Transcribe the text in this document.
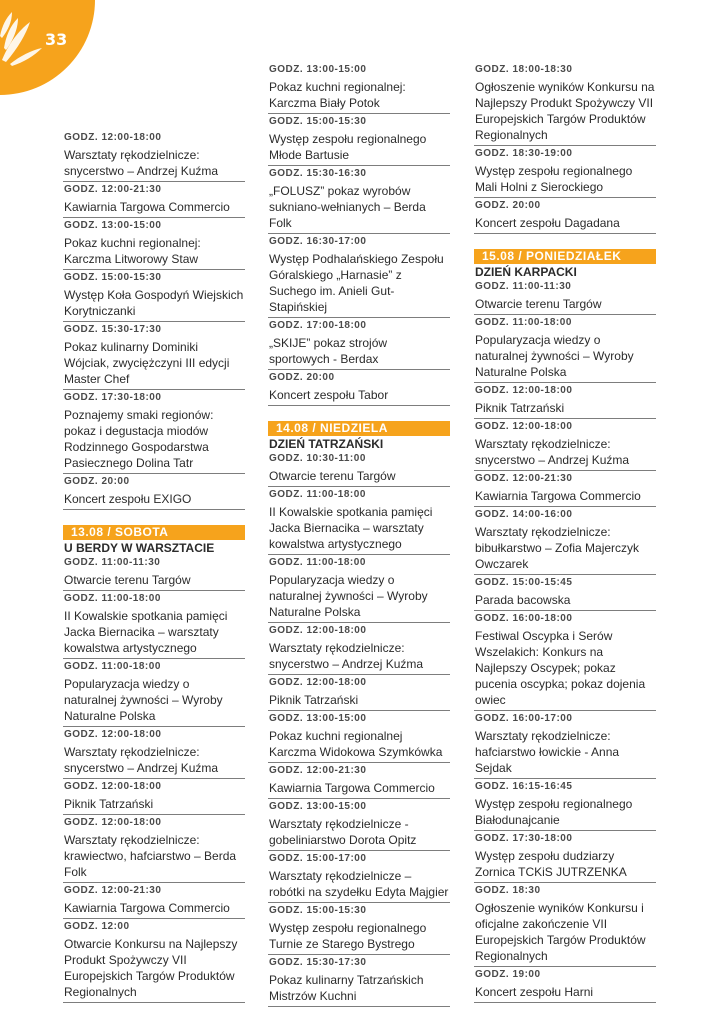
33
GODZ. 12:00-18:00
Warsztaty rękodzielnicze: snycerstwo – Andrzej Kuźma
GODZ. 12:00-21:30
Kawiarnia Targowa Commercio
GODZ. 13:00-15:00
Pokaz kuchni regionalnej: Karczma Litworowy Staw
GODZ. 15:00-15:30
Występ Koła Gospodyń Wiejskich Korytniczanki
GODZ. 15:30-17:30
Pokaz kulinarny Dominiki Wójciak, zwyciężczyni III edycji Master Chef
GODZ. 17:30-18:00
Poznajemy smaki regionów: pokaz i degustacja miodów Rodzinnego Gospodarstwa Pasiecznego Dolina Tatr
GODZ. 20:00
Koncert zespołu EXIGO
13.08 / SOBOTA
U BERDY W WARSZTACIE
GODZ. 11:00-11:30
Otwarcie terenu Targów
GODZ. 11:00-18:00
II Kowalskie spotkania pamięci Jacka Biernacika – warsztaty kowalstwa artystycznego
GODZ. 11:00-18:00
Popularyzacja wiedzy o naturalnej żywności – Wyroby Naturalne Polska
GODZ. 12:00-18:00
Warsztaty rękodzielnicze: snycerstwo – Andrzej Kuźma
GODZ. 12:00-18:00
Piknik Tatrzański
GODZ. 12:00-18:00
Warsztaty rękodzielnicze: krawiectwo, hafciarstwo – Berda Folk
GODZ. 12:00-21:30
Kawiarnia Targowa Commercio
GODZ. 12:00
Otwarcie Konkursu na Najlepszy Produkt Spożywczy VII Europejskich Targów Produktów Regionalnych
GODZ. 13:00-15:00
Pokaz kuchni regionalnej: Karczma Biały Potok
GODZ. 15:00-15:30
Występ zespołu regionalnego Młode Bartusie
GODZ. 15:30-16:30
„FOLUSZ” pokaz wyrobów sukniano-wełnianych – Berda Folk
GODZ. 16:30-17:00
Występ Podhalańskiego Zespołu Góralskiego „Harnasie” z Suchego im. Anieli Gut-Stapińskiej
GODZ. 17:00-18:00
„SKIJE” pokaz strojów sportowych - Berdax
GODZ. 20:00
Koncert zespołu Tabor
14.08 / NIEDZIELA
DZIEŃ TATRZAŃSKI
GODZ. 10:30-11:00
Otwarcie terenu Targów
GODZ. 11:00-18:00
II Kowalskie spotkania pamięci Jacka Biernacika – warsztaty kowalstwa artystycznego
GODZ. 11:00-18:00
Popularyzacja wiedzy o naturalnej żywności – Wyroby Naturalne Polska
GODZ. 12:00-18:00
Warsztaty rękodzielnicze: snycerstwo – Andrzej Kuźma
GODZ. 12:00-18:00
Piknik Tatrzański
GODZ. 13:00-15:00
Pokaz kuchni regionalnej Karczma Widokowa Szymkówka
GODZ. 12:00-21:30
Kawiarnia Targowa Commercio
GODZ. 13:00-15:00
Warsztaty rękodzielnicze - gobeliniarstwo Dorota Opitz
GODZ. 15:00-17:00
Warsztaty rękodzielnicze – robótki na szydełku Edyta Majgier
GODZ. 15:00-15:30
Występ zespołu regionalnego Turnie ze Starego Bystrego
GODZ. 15:30-17:30
Pokaz kulinarny Tatrzańskich Mistrzów Kuchni
GODZ. 18:00-18:30
Ogłoszenie wyników Konkursu na Najlepszy Produkt Spożywczy VII Europejskich Targów Produktów Regionalnych
GODZ. 18:30-19:00
Występ zespołu regionalnego Mali Holni z Sierockiego
GODZ. 20:00
Koncert zespołu Dagadana
15.08 / PONIEDZIAŁEK
DZIEŃ KARPACKI
GODZ. 11:00-11:30
Otwarcie terenu Targów
GODZ. 11:00-18:00
Popularyzacja wiedzy o naturalnej żywności – Wyroby Naturalne Polska
GODZ. 12:00-18:00
Piknik Tatrzański
GODZ. 12:00-18:00
Warsztaty rękodzielnicze: snycerstwo – Andrzej Kuźma
GODZ. 12:00-21:30
Kawiarnia Targowa Commercio
GODZ. 14:00-16:00
Warsztaty rękodzielnicze: bibułkarstwo – Zofia Majerczyk Owczarek
GODZ. 15:00-15:45
Parada bacowska
GODZ. 16:00-18:00
Festiwal Oscypka i Serów Wszelakich: Konkurs na Najlepszy Oscypek; pokaz pucenia oscypka; pokaz dojenia owiec
GODZ. 16:00-17:00
Warsztaty rękodzielnicze: hafciarstwo łowickie - Anna Sejdak
GODZ. 16:15-16:45
Występ zespołu regionalnego Białodunajcanie
GODZ. 17:30-18:00
Występ zespołu dudziarzy Zornica TCKiS JUTRZENKA
GODZ. 18:30
Ogłoszenie wyników Konkursu i oficjalne zakończenie VII Europejskich Targów Produktów Regionalnych
GODZ. 19:00
Koncert zespołu Harni
